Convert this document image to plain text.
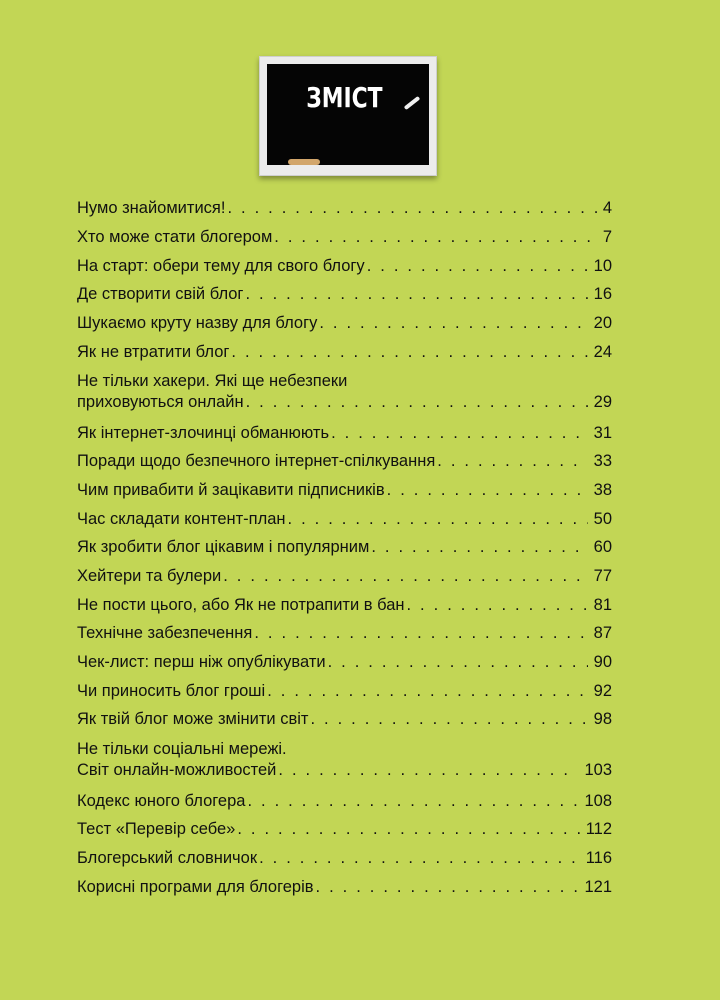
ЗМІСТ
Нумо знайомитися! . . .	4
Хто може стати блогером . . .	7
На старт: обери тему для свого блогу . . .	10
Де створити свій блог . . .	16
Шукаємо круту назву для блогу . . .	20
Як не втратити блог . . .	24
Не тільки хакери. Які ще небезпеки
приховуються онлайн . . .	29
Як інтернет-злочинці обманюють . . .	31
Поради щодо безпечного інтернет-спілкування . . .	33
Чим привабити й зацікавити підписників . . .	38
Час складати контент-план . . .	50
Як зробити блог цікавим і популярним . . .	60
Хейтери та булери . . .	77
Не пости цього, або Як не потрапити в бан . . .	81
Технічне забезпечення . . .	87
Чек-лист: перш ніж опублікувати . . .	90
Чи приносить блог гроші . . .	92
Як твій блог може змінити світ . . .	98
Не тільки соціальні мережі.
Світ онлайн-можливостей . . .	103
Кодекс юного блогера . . .	108
Тест «Перевір себе» . . .	112
Блогерський словничок . . .	116
Корисні програми для блогерів . . .	121
